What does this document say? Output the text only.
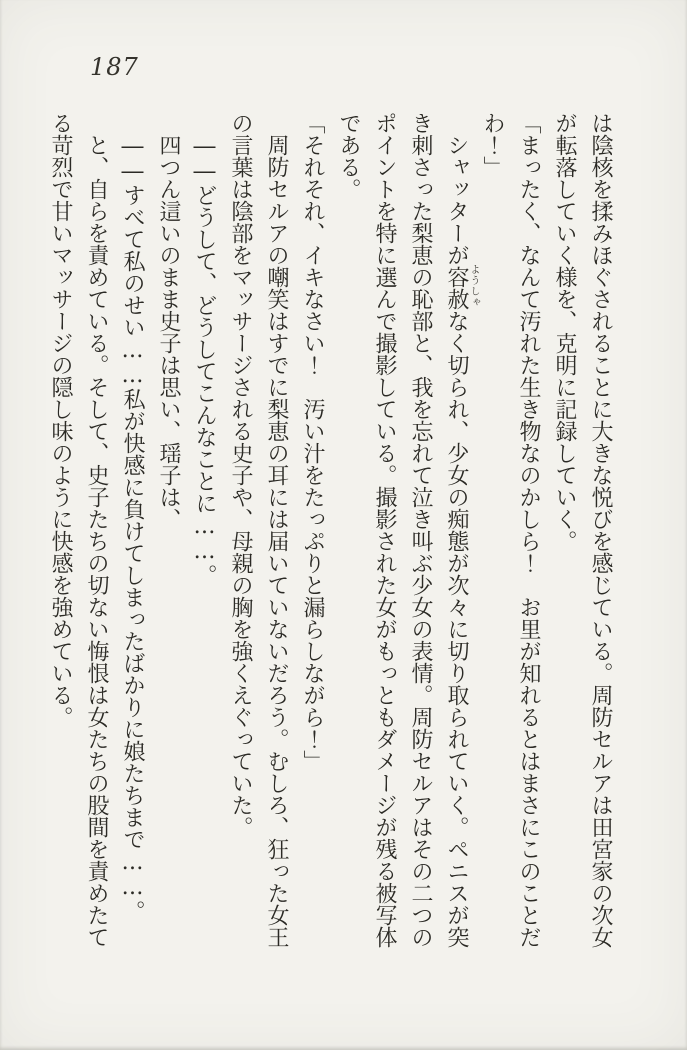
187
は陰核を揉みほぐされることに大きな悦びを感じている。周防セルアは田宮家の次女
が転落していく様を、克明に記録していく。
「まったく、なんて汚れた生き物なのかしら！　お里が知れるとはまさにこのことだ
わ！」
　シャッターが容赦なく切られ、少女の痴態が次々に切り取られていく。ペニスが突
き刺さった梨恵の恥部と、我を忘れて泣き叫ぶ少女の表情。周防セルアはその二つの
ポイントを特に選んで撮影している。撮影された女がもっともダメージが残る被写体
である。
「それそれ、イキなさい！　汚い汁をたっぷりと漏らしながら！」
　周防セルアの嘲笑はすでに梨恵の耳には届いていないだろう。むしろ、狂った女王
の言葉は陰部をマッサージされる史子や、母親の胸を強くえぐっていた。
　――どうして、どうしてこんなことに……。
　四つん這いのまま史子は思い、瑶子は、
　――すべて私のせい……私が快感に負けてしまったばかりに娘たちまで……。
　と、自らを責めている。そして、史子たちの切ない悔恨は女たちの股間を責めたて
る苛烈で甘いマッサージの隠し味のように快感を強めている。	ようしゃ
